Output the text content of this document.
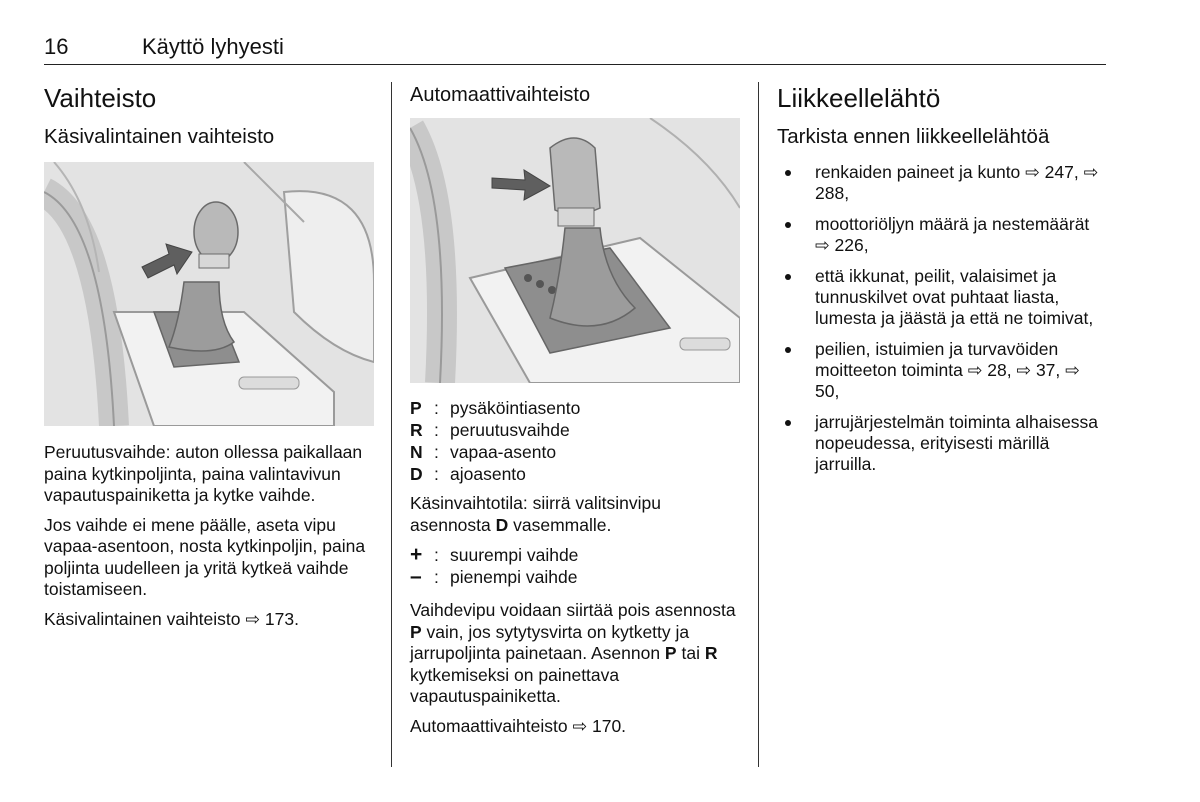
16	Käyttö lyhyesti
Vaihteisto
Käsivalintainen vaihteisto

Peruutusvaihde: auton ollessa paikallaan paina kytkinpoljinta, paina valintavivun vapautuspainiketta ja kytke vaihde.

Jos vaihde ei mene päälle, aseta vipu vapaa-asentoon, nosta kytkinpoljin, paina poljinta uudelleen ja yritä kytkeä vaihde toistamiseen.

Käsivalintainen vaihteisto ⇨ 173.

Automaattivaihteisto
P : pysäköintiasento
R : peruutusvaihde
N : vapaa-asento
D : ajoasento

Käsinvaihtotila: siirrä valitsinvipu asennosta D vasemmalle.

+ : suurempi vaihde
– : pienempi vaihde

Vaihdevipu voidaan siirtää pois asennosta P vain, jos sytytysvirta on kytketty ja jarrupoljinta painetaan. Asennon P tai R kytkemiseksi on painettava vapautuspainiketta.

Automaattivaihteisto ⇨ 170.

Liikkeellelähtö
Tarkista ennen liikkeellelähtöä
renkaiden paineet ja kunto ⇨ 247, ⇨ 288,
moottoriöljyn määrä ja nestemäärät ⇨ 226,
että ikkunat, peilit, valaisimet ja tunnuskilvet ovat puhtaat liasta, lumesta ja jäästä ja että ne toimivat,
peilien, istuimien ja turvavöiden moitteeton toiminta ⇨ 28, ⇨ 37, ⇨ 50,
jarrujärjestelmän toiminta alhaisessa nopeudessa, erityisesti märillä jarruilla.
